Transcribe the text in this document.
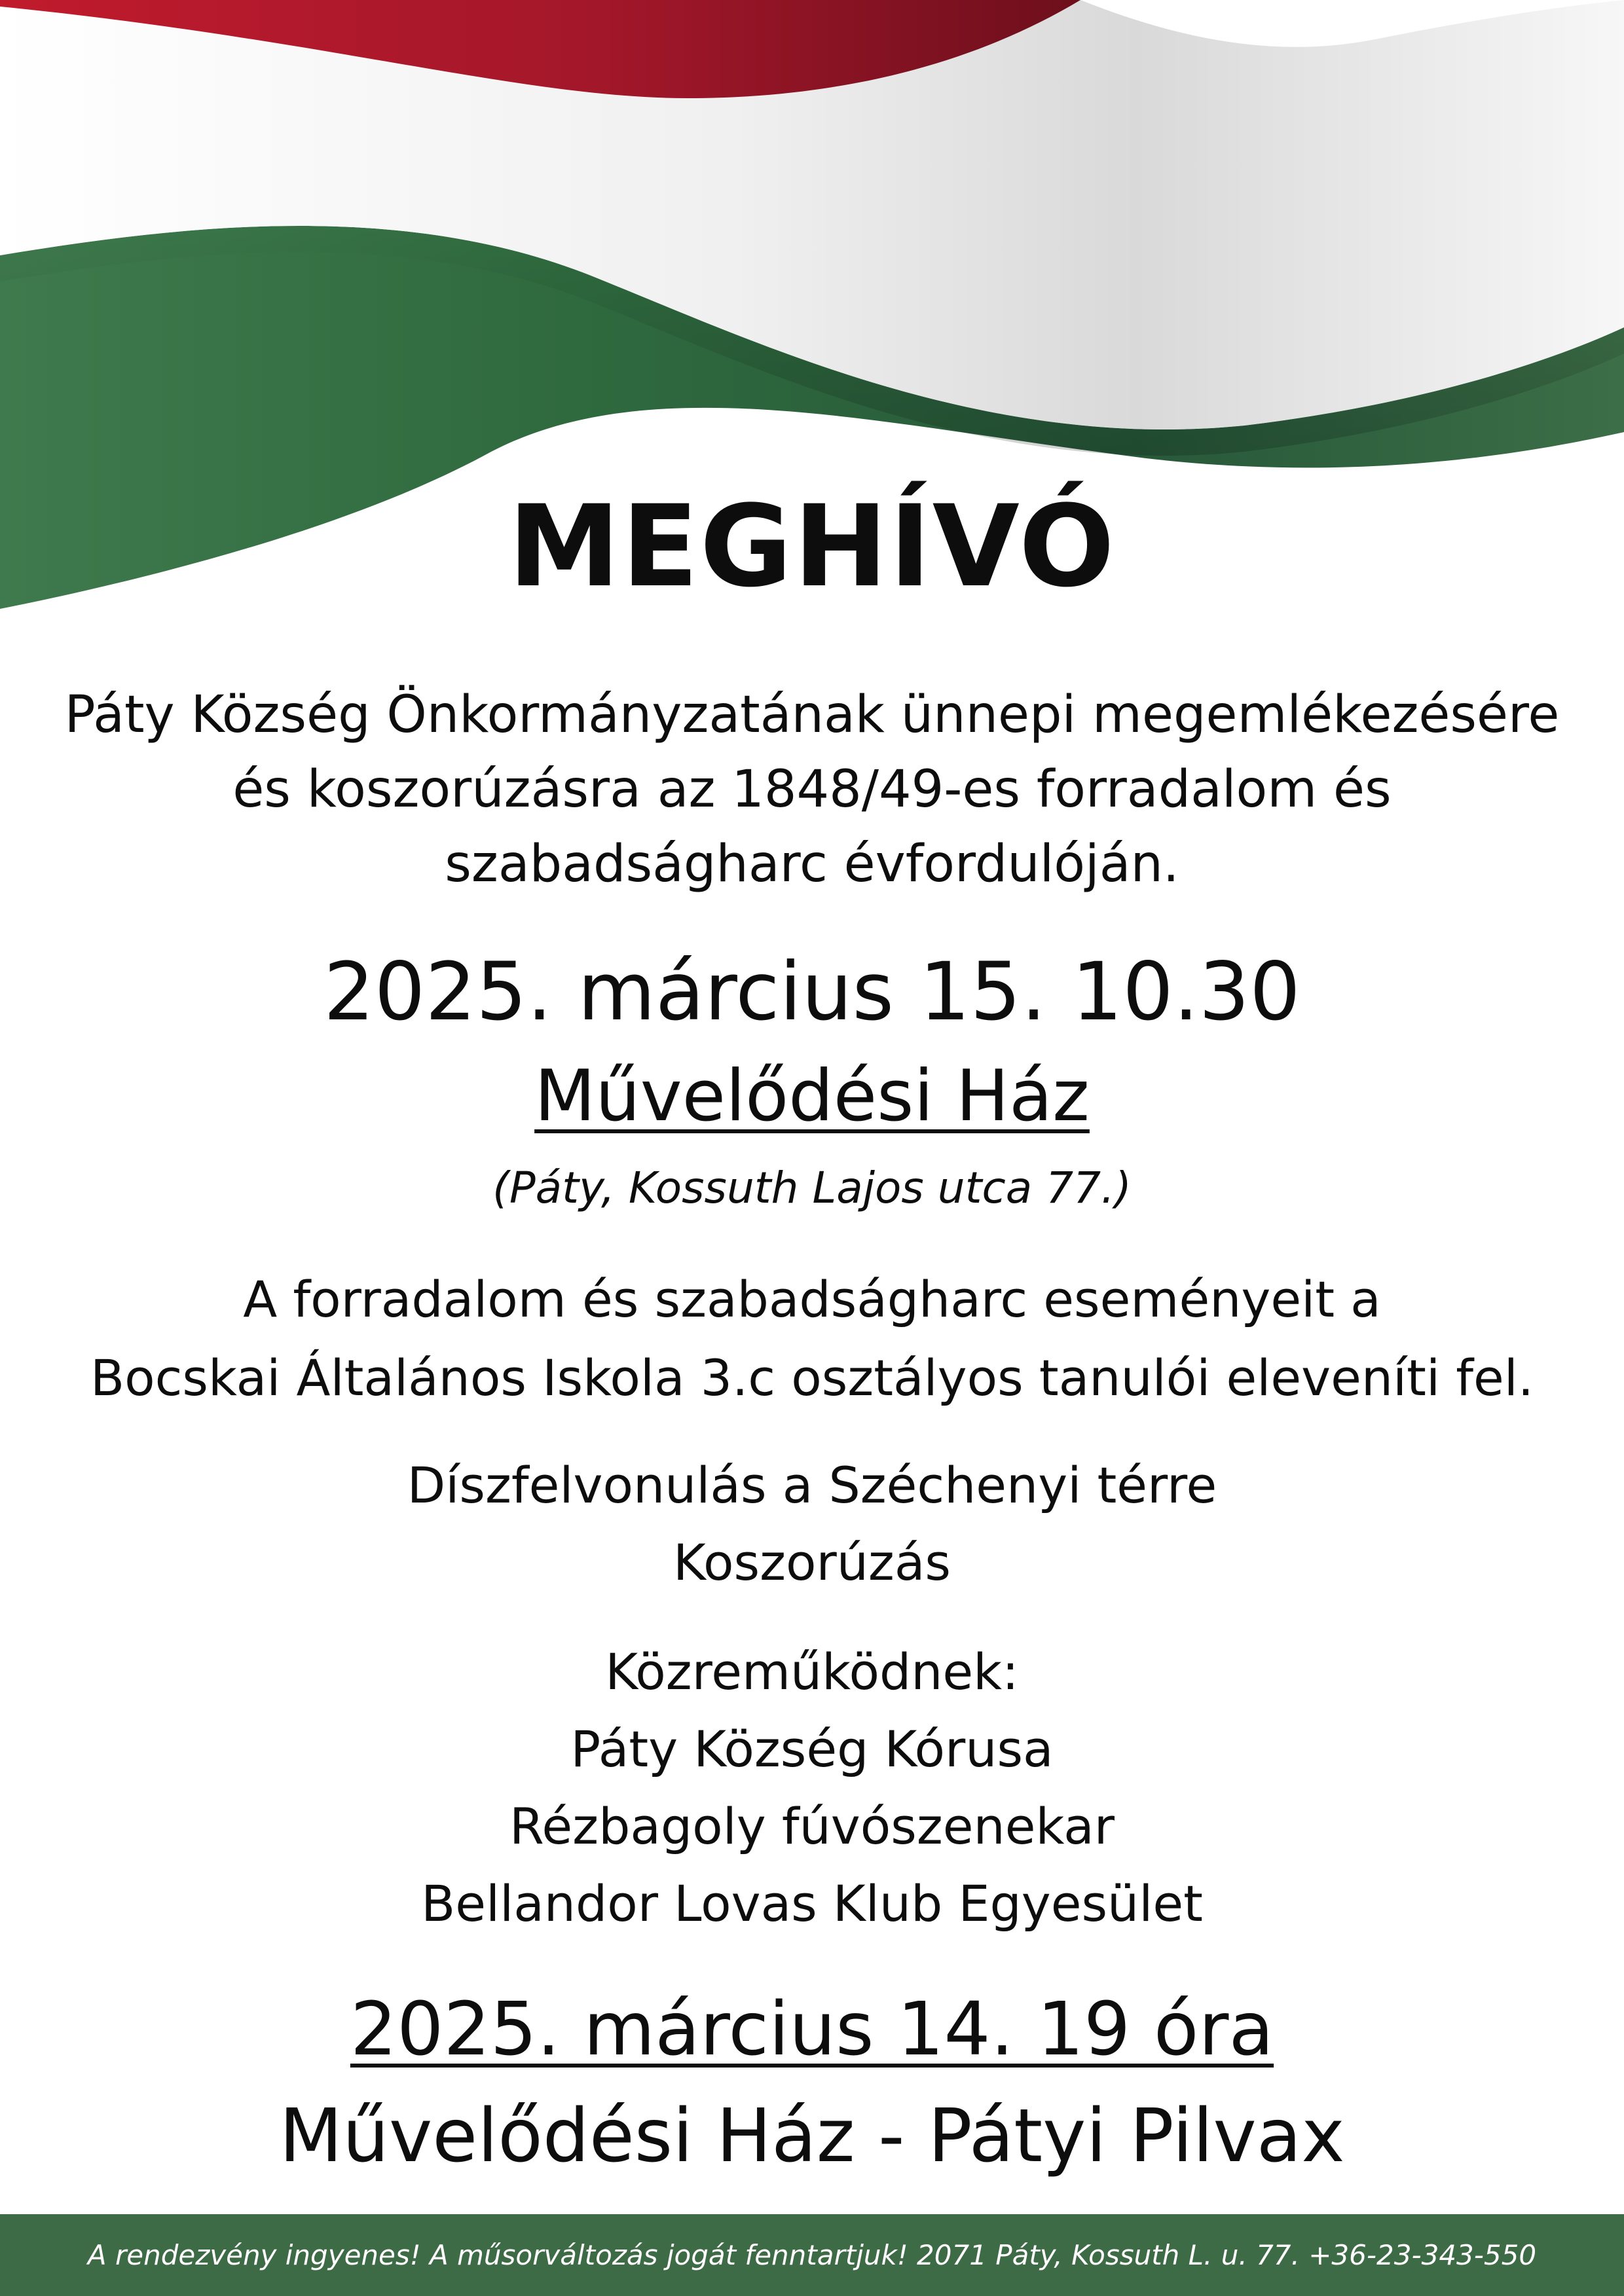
MEGHÍVÓ
Páty Község Önkormányzatának ünnepi megemlékezésére
és koszorúzásra az 1848/49-es forradalom és
szabadságharc évfordulóján.
2025. március 15. 10.30
Művelődési Ház
(Páty, Kossuth Lajos utca 77.)
A forradalom és szabadságharc eseményeit a
Bocskai Általános Iskola 3.c osztályos tanulói eleveníti fel.
Díszfelvonulás a Széchenyi térre
Koszorúzás
Közreműködnek:
Páty Község Kórusa
Rézbagoly fúvószenekar
Bellandor Lovas Klub Egyesület
2025. március 14. 19 óra
Művelődési Ház - Pátyi Pilvax
A rendezvény ingyenes! A műsorváltozás jogát fenntartjuk! 2071 Páty, Kossuth L. u. 77. +36-23-343-550
